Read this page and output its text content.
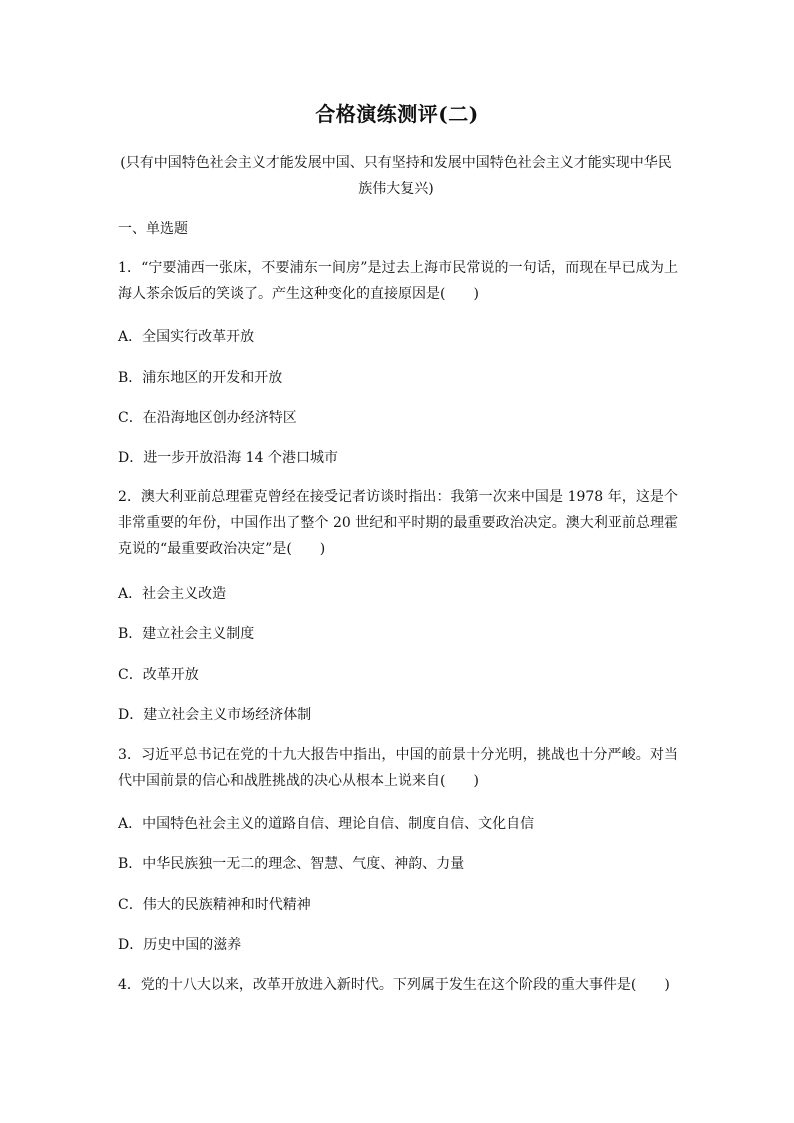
合格演练测评(二)
(只有中国特色社会主义才能发展中国、只有坚持和发展中国特色社会主义才能实现中华民族伟大复兴)
一、单选题
1．“宁要浦西一张床，不要浦东一间房”是过去上海市民常说的一句话，而现在早已成为上海人茶余饭后的笑谈了。产生这种变化的直接原因是(　　)
A．全国实行改革开放
B．浦东地区的开发和开放
C．在沿海地区创办经济特区
D．进一步开放沿海 14 个港口城市
2．澳大利亚前总理霍克曾经在接受记者访谈时指出：我第一次来中国是 1978 年，这是个非常重要的年份，中国作出了整个 20 世纪和平时期的最重要政治决定。澳大利亚前总理霍克说的“最重要政治决定”是(　　)
A．社会主义改造
B．建立社会主义制度
C．改革开放
D．建立社会主义市场经济体制
3．习近平总书记在党的十九大报告中指出，中国的前景十分光明，挑战也十分严峻。对当代中国前景的信心和战胜挑战的决心从根本上说来自(　　)
A．中国特色社会主义的道路自信、理论自信、制度自信、文化自信
B．中华民族独一无二的理念、智慧、气度、神韵、力量
C．伟大的民族精神和时代精神
D．历史中国的滋养
4．党的十八大以来，改革开放进入新时代。下列属于发生在这个阶段的重大事件是(　　)
